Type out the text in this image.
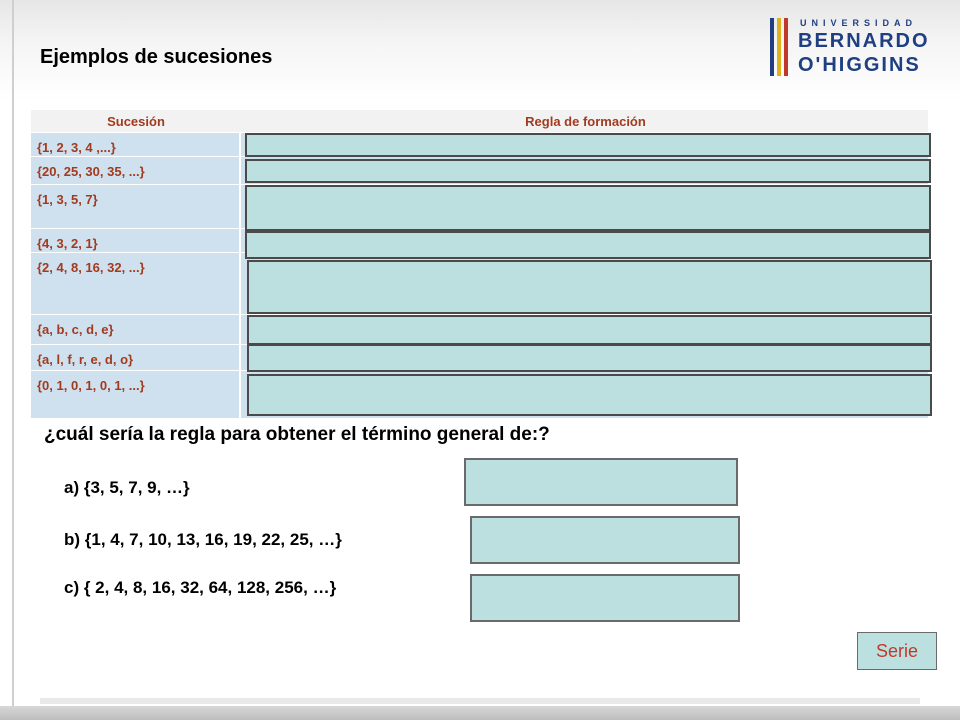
Ejemplos de sucesiones
UNIVERSIDAD
BERNARDO
O'HIGGINS
Sucesión	Regla de formación
{1, 2, 3, 4 ,...}
{20, 25, 30, 35, ...}
{1, 3, 5, 7}
{4, 3, 2, 1}
{2, 4, 8, 16, 32, ...}
{a, b, c, d, e}
{a, l, f, r, e, d, o}
{0, 1, 0, 1, 0, 1, ...}
¿cuál sería la regla para obtener el término general de:?
a) {3, 5, 7, 9, …}
b) {1, 4, 7, 10, 13, 16, 19, 22, 25, …}
c) { 2, 4, 8, 16, 32, 64, 128, 256, …}
Serie
